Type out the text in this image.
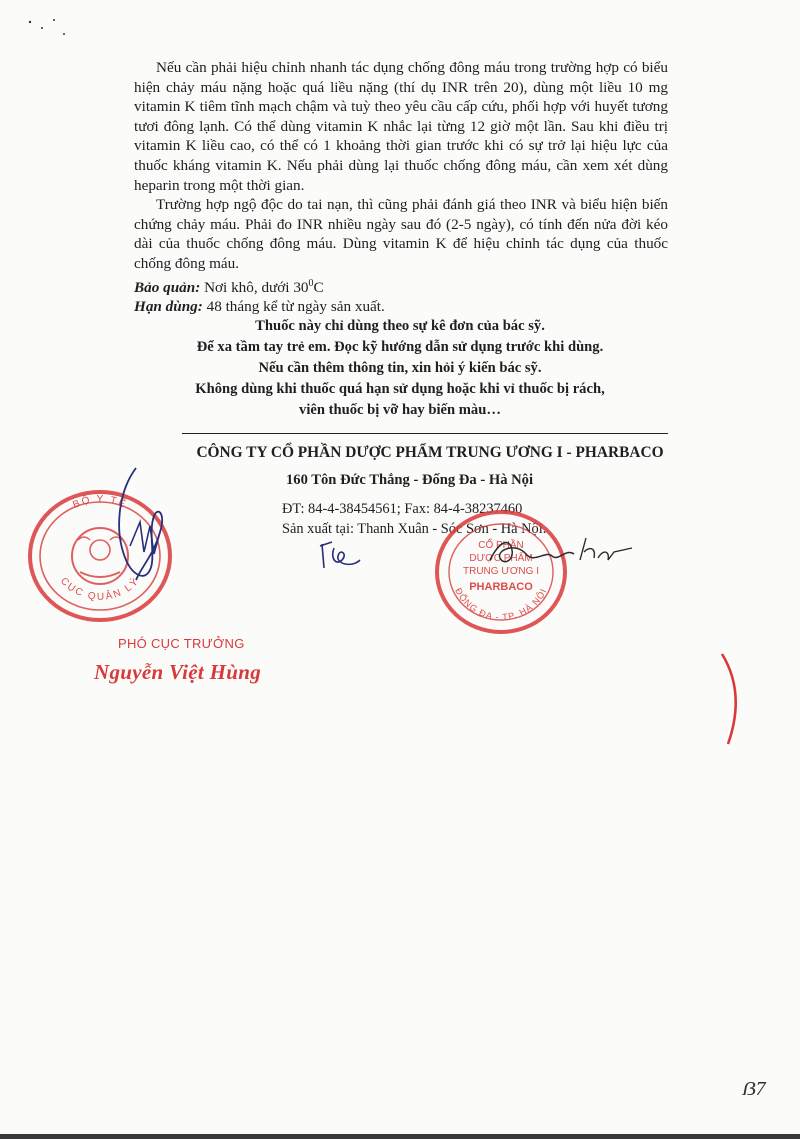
Nếu cần phải hiệu chỉnh nhanh tác dụng chống đông máu trong trường hợp có biểu hiện chảy máu nặng hoặc quá liều nặng (thí dụ INR trên 20), dùng một liều 10 mg vitamin K tiêm tĩnh mạch chậm và tuỳ theo yêu cầu cấp cứu, phối hợp với huyết tương tươi đông lạnh. Có thể dùng vitamin K nhắc lại từng 12 giờ một lần. Sau khi điều trị vitamin K liều cao, có thể có 1 khoảng thời gian trước khi có sự trở lại hiệu lực của thuốc kháng vitamin K. Nếu phải dùng lại thuốc chống đông máu, cần xem xét dùng heparin trong một thời gian.

Trường hợp ngộ độc do tai nạn, thì cũng phải đánh giá theo INR và biểu hiện biến chứng chảy máu. Phải đo INR nhiều ngày sau đó (2-5 ngày), có tính đến nửa đời kéo dài của thuốc chống đông máu. Dùng vitamin K để hiệu chỉnh tác dụng của thuốc chống đông máu.

Bảo quản: Nơi khô, dưới $30^0C$
Hạn dùng: 48 tháng kể từ ngày sản xuất.
Thuốc này chỉ dùng theo sự kê đơn của bác sỹ.
Để xa tầm tay trẻ em. Đọc kỹ hướng dẫn sử dụng trước khi dùng.
Nếu cần thêm thông tin, xin hỏi ý kiến bác sỹ.
Không dùng khi thuốc quá hạn sử dụng hoặc khi vỉ thuốc bị rách,
viên thuốc bị vỡ hay biến màu…
CÔNG TY CỔ PHẦN DƯỢC PHẨM TRUNG ƯƠNG I - PHARBACO
160 Tôn Đức Thắng - Đống Đa - Hà Nội
ĐT: 84-4-38454561; Fax: 84-4-38237460
Sản xuất tại: Thanh Xuân - Sóc Sơn - Hà Nội.
BỘ Y TẾ
CỤC QUẢN LÝ
CỔ PHẦN
DƯỢC PHẨM
TRUNG ƯƠNG I
PHARBACO
ĐỐNG ĐA - TP. HÀ NỘI
PHÓ CỤC TRƯỞNG
Nguyễn Việt Hùng
ẞ7
